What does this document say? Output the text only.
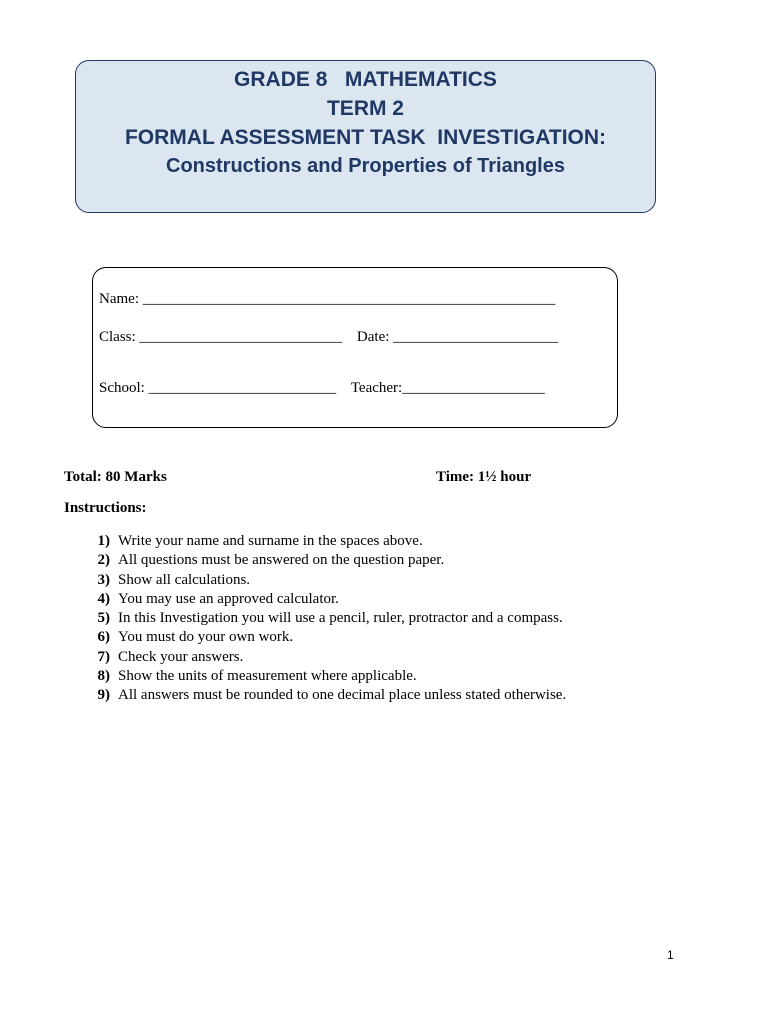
GRADE 8   MATHEMATICS
TERM 2
FORMAL ASSESSMENT TASK  INVESTIGATION:
Constructions and Properties of Triangles
Name: _______________________________________________________
Class: ___________________________    Date: ______________________
School: _________________________    Teacher:___________________
Total: 80 Marks	Time: 1½ hour
Instructions:
1) Write your name and surname in the spaces above.
2) All questions must be answered on the question paper.
3) Show all calculations.
4) You may use an approved calculator.
5) In this Investigation you will use a pencil, ruler, protractor and a compass.
6) You must do your own work.
7) Check your answers.
8) Show the units of measurement where applicable.
9) All answers must be rounded to one decimal place unless stated otherwise.
1
